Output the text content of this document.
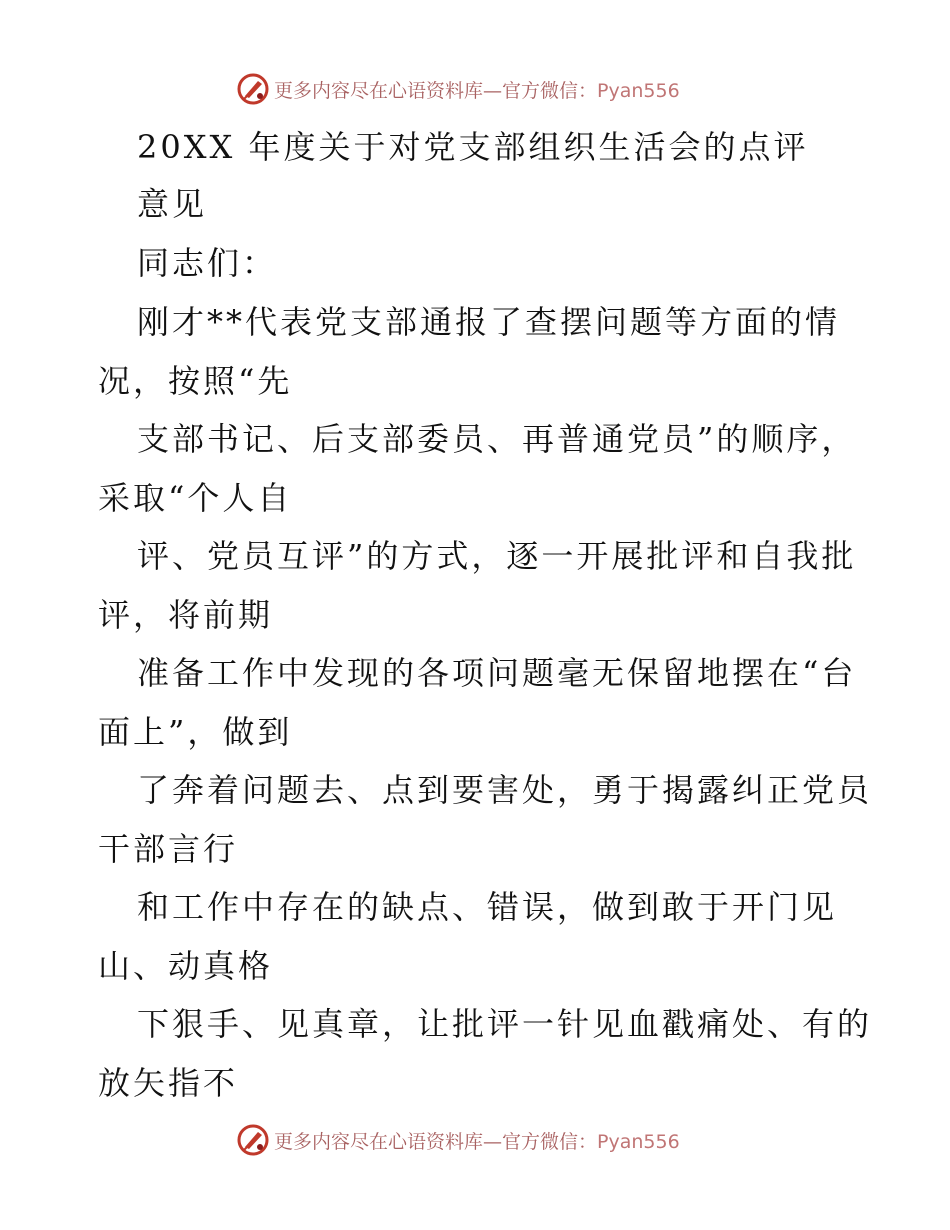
更多内容尽在心语资料库—官方微信：Pyan556
20XX 年度关于对党支部组织生活会的点评
意见
同志们：
刚才**代表党支部通报了查摆问题等方面的情
况，按照“先
支部书记、后支部委员、再普通党员”的顺序，
采取“个人自
评、党员互评”的方式，逐一开展批评和自我批
评，将前期
准备工作中发现的各项问题毫无保留地摆在“台
面上”，做到
了奔着问题去、点到要害处，勇于揭露纠正党员
干部言行
和工作中存在的缺点、错误，做到敢于开门见
山、动真格
下狠手、见真章，让批评一针见血戳痛处、有的
放矢指不
更多内容尽在心语资料库—官方微信：Pyan556
